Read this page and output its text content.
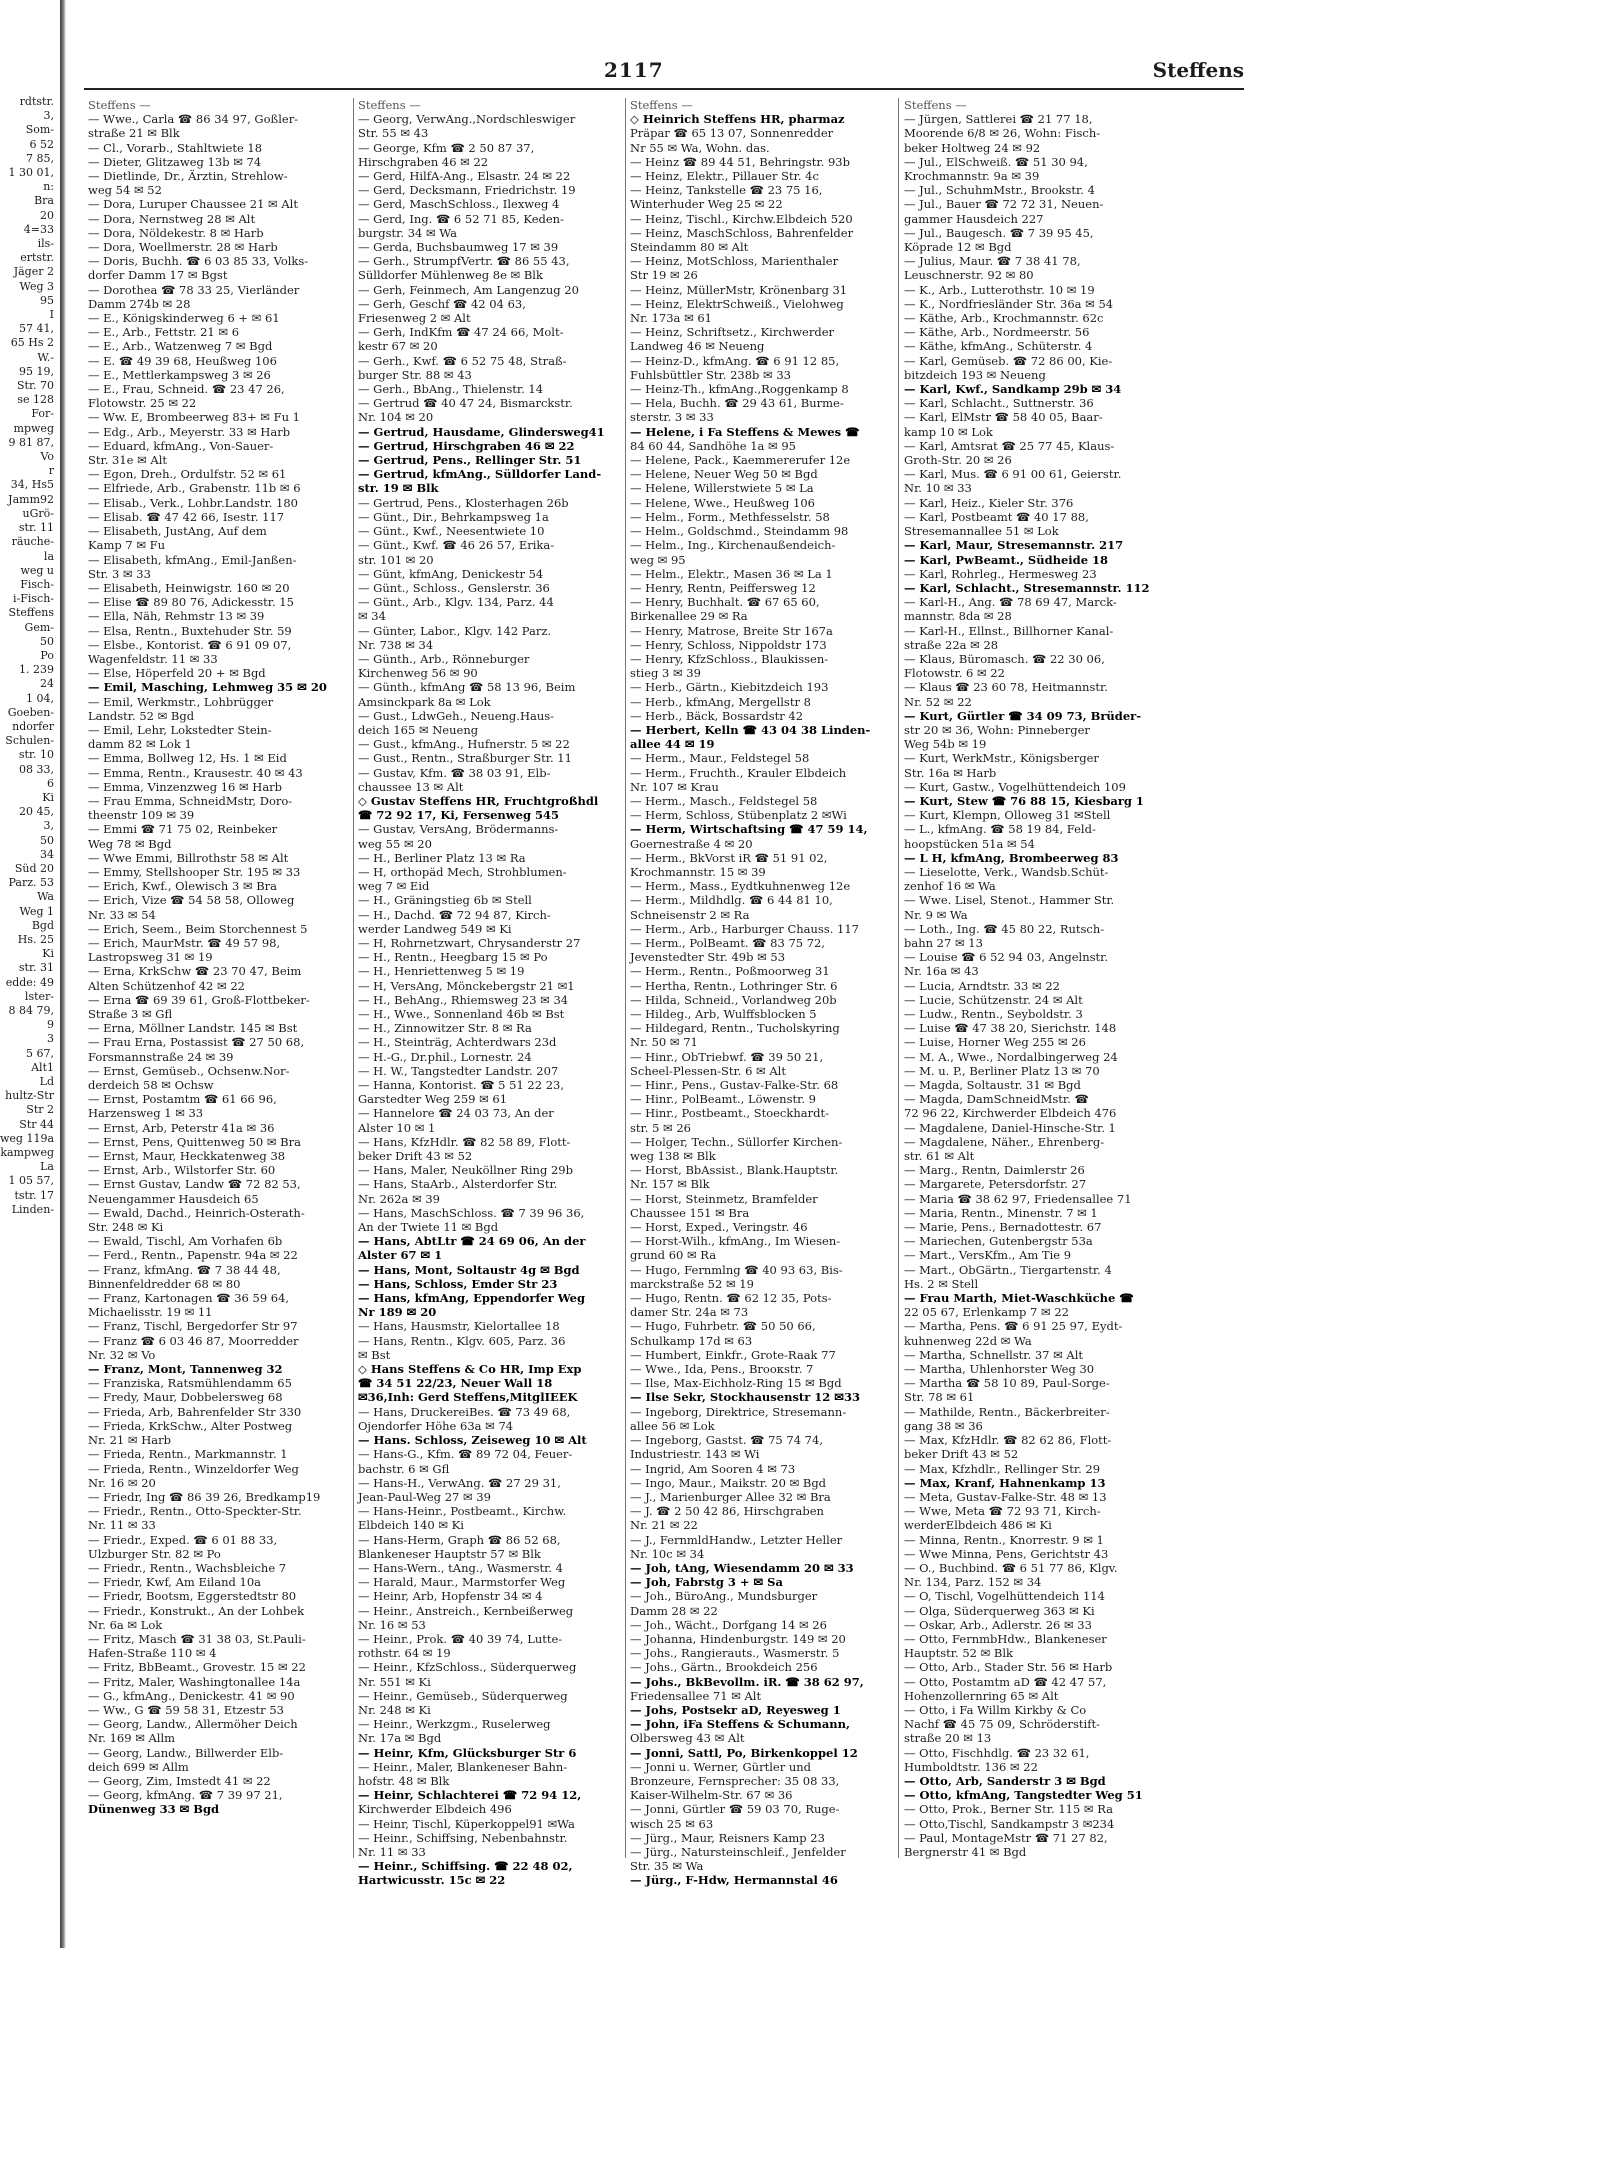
rdtstr.
3,
Som-
6 52
7 85,
1 30 01,
n:
Bra
20
4=33
ils-
ertstr.
Jäger 2
Weg 3
95
I
57 41,
65 Hs 2
W.-
95 19,
Str. 70
se 128
For-
mpweg
9 81 87,
Vo
r
34, Hs5
Jamm92
uGrö-
str. 11
räuche-
la
weg u
Fisch-
i-Fisch-
Steffens
Gem-
50
Po
1. 239
24
1 04,
Goeben-
ndorfer
Schulen-
str. 10
08 33,
6
Ki
20 45,
3,
50
34
Süd 20
Parz. 53
Wa
Weg 1
Bgd
Hs. 25
Ki
str. 31
edde: 49
lster-
8 84 79,
9
3
5 67,
Alt1
Ld
hultz-Str
Str 2
Str 44
weg 119a
kampweg
La
1 05 57,
tstr. 17
Linden-
2117	Steffens
Steffens —
— Wwe., Carla ☎ 86 34 97, Goßler-
straße 21 ✉ Blk
— Cl., Vorarb., Stahltwiete 18
— Dieter, Glitzaweg 13b ✉ 74
— Dietlinde, Dr., Ärztin, Strehlow-
weg 54 ✉ 52
— Dora, Luruper Chaussee 21 ✉ Alt
— Dora, Nernstweg 28 ✉ Alt
— Dora, Nöldekestr. 8 ✉ Harb
— Dora, Woellmerstr. 28 ✉ Harb
— Doris, Buchh. ☎ 6 03 85 33, Volks-
dorfer Damm 17 ✉ Bgst
— Dorothea ☎ 78 33 25, Vierländer
Damm 274b ✉ 28
— E., Königskinderweg 6 + ✉ 61
— E., Arb., Fettstr. 21 ✉ 6
— E., Arb., Watzenweg 7 ✉ Bgd
— E. ☎ 49 39 68, Heußweg 106
— E., Mettlerkampsweg 3 ✉ 26
— E., Frau, Schneid. ☎ 23 47 26,
Flotowstr. 25 ✉ 22
— Ww. E, Brombeerweg 83+ ✉ Fu 1
— Edg., Arb., Meyerstr. 33 ✉ Harb
— Eduard, kfmAng., Von-Sauer-
Str. 31e ✉ Alt
— Egon, Dreh., Ordulfstr. 52 ✉ 61
— Elfriede, Arb., Grabenstr. 11b ✉ 6
— Elisab., Verk., Lohbr.Landstr. 180
— Elisab. ☎ 47 42 66, Isestr. 117
— Elisabeth, JustAng, Auf dem
Kamp 7 ✉ Fu
— Elisabeth, kfmAng., Emil-Janßen-
Str. 3 ✉ 33
— Elisabeth, Heinwigstr. 160 ✉ 20
— Elise ☎ 89 80 76, Adickesstr. 15
— Ella, Näh, Rehmstr 13 ✉ 39
— Elsa, Rentn., Buxtehuder Str. 59
— Elsbe., Kontorist. ☎ 6 91 09 07,
Wagenfeldstr. 11 ✉ 33
— Else, Höperfeld 20 + ✉ Bgd
— Emil, Masching, Lehmweg 35 ✉ 20
— Emil, Werkmstr., Lohbrügger
Landstr. 52 ✉ Bgd
— Emil, Lehr, Lokstedter Stein-
damm 82 ✉ Lok 1
— Emma, Bollweg 12, Hs. 1 ✉ Eid
— Emma, Rentn., Krausestr. 40 ✉ 43
— Emma, Vinzenzweg 16 ✉ Harb
— Frau Emma, SchneidMstr, Doro-
theenstr 109 ✉ 39
— Emmi ☎ 71 75 02, Reinbeker
Weg 78 ✉ Bgd
— Wwe Emmi, Billrothstr 58 ✉ Alt
— Emmy, Stellshooper Str. 195 ✉ 33
— Erich, Kwf., Olewisch 3 ✉ Bra
— Erich, Vize ☎ 54 58 58, Olloweg
Nr. 33 ✉ 54
— Erich, Seem., Beim Storchennest 5
— Erich, MaurMstr. ☎ 49 57 98,
Lastropsweg 31 ✉ 19
— Erna, KrkSchw ☎ 23 70 47, Beim
Alten Schützenhof 42 ✉ 22
— Erna ☎ 69 39 61, Groß-Flottbeker-
Straße 3 ✉ Gfl
— Erna, Möllner Landstr. 145 ✉ Bst
— Frau Erna, Postassist ☎ 27 50 68,
Forsmannstraße 24 ✉ 39
— Ernst, Gemüseb., Ochsenw.Nor-
derdeich 58 ✉ Ochsw
— Ernst, Postamtm ☎ 61 66 96,
Harzensweg 1 ✉ 33
— Ernst, Arb, Peterstr 41a ✉ 36
— Ernst, Pens, Quittenweg 50 ✉ Bra
— Ernst, Maur, Heckkatenweg 38
— Ernst, Arb., Wilstorfer Str. 60
— Ernst Gustav, Landw ☎ 72 82 53,
Neuengammer Hausdeich 65
— Ewald, Dachd., Heinrich-Osterath-
Str. 248 ✉ Ki
— Ewald, Tischl, Am Vorhafen 6b
— Ferd., Rentn., Papenstr. 94a ✉ 22
— Franz, kfmAng. ☎ 7 38 44 48,
Binnenfeldredder 68 ✉ 80
— Franz, Kartonagen ☎ 36 59 64,
Michaelisstr. 19 ✉ 11
— Franz, Tischl, Bergedorfer Str 97
— Franz ☎ 6 03 46 87, Moorredder
Nr. 32 ✉ Vo
— Franz, Mont, Tannenweg 32
— Franziska, Ratsmühlendamm 65
— Fredy, Maur, Dobbelersweg 68
— Frieda, Arb, Bahrenfelder Str 330
— Frieda, KrkSchw., Alter Postweg
Nr. 21 ✉ Harb
— Frieda, Rentn., Markmannstr. 1
— Frieda, Rentn., Winzeldorfer Weg
Nr. 16 ✉ 20
— Friedr, Ing ☎ 86 39 26, Bredkamp19
— Friedr., Rentn., Otto-Speckter-Str.
Nr. 11 ✉ 33
— Friedr., Exped. ☎ 6 01 88 33,
Ulzburger Str. 82 ✉ Po
— Friedr., Rentn., Wachsbleiche 7
— Friedr, Kwf, Am Eiland 10a
— Friedr, Bootsm, Eggerstedtstr 80
— Friedr., Konstrukt., An der Lohbek
Nr. 6a ✉ Lok
— Fritz, Masch ☎ 31 38 03, St.Pauli-
Hafen-Straße 110 ✉ 4
— Fritz, BbBeamt., Grovestr. 15 ✉ 22
— Fritz, Maler, Washingtonallee 14a
— G., kfmAng., Denickestr. 41 ✉ 90
— Ww., G ☎ 59 58 31, Etzestr 53
— Georg, Landw., Allermöher Deich
Nr. 169 ✉ Allm
— Georg, Landw., Billwerder Elb-
deich 699 ✉ Allm
— Georg, Zim, Imstedt 41 ✉ 22
— Georg, kfmAng. ☎ 7 39 97 21,
Dünenweg 33 ✉ Bgd
Steffens —
— Georg, VerwAng.,Nordschleswiger
Str. 55 ✉ 43
— George, Kfm ☎ 2 50 87 37,
Hirschgraben 46 ✉ 22
— Gerd, HilfA-Ang., Elsastr. 24 ✉ 22
— Gerd, Decksmann, Friedrichstr. 19
— Gerd, MaschSchloss., Ilexweg 4
— Gerd, Ing. ☎ 6 52 71 85, Keden-
burgstr. 34 ✉ Wa
— Gerda, Buchsbaumweg 17 ✉ 39
— Gerh., StrumpfVertr. ☎ 86 55 43,
Sülldorfer Mühlenweg 8e ✉ Blk
— Gerh, Feinmech, Am Langenzug 20
— Gerh, Geschf ☎ 42 04 63,
Friesenweg 2 ✉ Alt
— Gerh, IndKfm ☎ 47 24 66, Molt-
kestr 67 ✉ 20
— Gerh., Kwf. ☎ 6 52 75 48, Straß-
burger Str. 88 ✉ 43
— Gerh., BbAng., Thielenstr. 14
— Gertrud ☎ 40 47 24, Bismarckstr.
Nr. 104 ✉ 20
— Gertrud, Hausdame, Glindersweg41
— Gertrud, Hirschgraben 46 ✉ 22
— Gertrud, Pens., Rellinger Str. 51
— Gertrud, kfmAng., Sülldorfer Land-
str. 19 ✉ Blk
— Gertrud, Pens., Klosterhagen 26b
— Günt., Dir., Behrkampsweg 1a
— Günt., Kwf., Neesentwiete 10
— Günt., Kwf. ☎ 46 26 57, Erika-
str. 101 ✉ 20
— Günt, kfmAng, Denickestr 54
— Günt., Schloss., Genslerstr. 36
— Günt., Arb., Klgv. 134, Parz. 44
✉ 34
— Günter, Labor., Klgv. 142 Parz.
Nr. 738 ✉ 34
— Günth., Arb., Rönneburger
Kirchenweg 56 ✉ 90
— Günth., kfmAng ☎ 58 13 96, Beim
Amsinckpark 8a ✉ Lok
— Gust., LdwGeh., Neueng.Haus-
deich 165 ✉ Neueng
— Gust., kfmAng., Hufnerstr. 5 ✉ 22
— Gust., Rentn., Straßburger Str. 11
— Gustav, Kfm. ☎ 38 03 91, Elb-
chaussee 13 ✉ Alt
◇ Gustav Steffens HR, Fruchtgroßhdl
☎ 72 92 17, Ki, Fersenweg 545
— Gustav, VersAng, Brödermanns-
weg 55 ✉ 20
— H., Berliner Platz 13 ✉ Ra
— H, orthopäd Mech, Strohblumen-
weg 7 ✉ Eid
— H., Gräningstieg 6b ✉ Stell
— H., Dachd. ☎ 72 94 87, Kirch-
werder Landweg 549 ✉ Ki
— H, Rohrnetzwart, Chrysanderstr 27
— H., Rentn., Heegbarg 15 ✉ Po
— H., Henriettenweg 5 ✉ 19
— H, VersAng, Mönckebergstr 21 ✉1
— H., BehAng., Rhiemsweg 23 ✉ 34
— H., Wwe., Sonnenland 46b ✉ Bst
— H., Zinnowitzer Str. 8 ✉ Ra
— H., Steinträg, Achterdwars 23d
— H.-G., Dr.phil., Lornestr. 24
— H. W., Tangstedter Landstr. 207
— Hanna, Kontorist. ☎ 5 51 22 23,
Garstedter Weg 259 ✉ 61
— Hannelore ☎ 24 03 73, An der
Alster 10 ✉ 1
— Hans, KfzHdlr. ☎ 82 58 89, Flott-
beker Drift 43 ✉ 52
— Hans, Maler, Neuköllner Ring 29b
— Hans, StaArb., Alsterdorfer Str.
Nr. 262a ✉ 39
— Hans, MaschSchloss. ☎ 7 39 96 36,
An der Twiete 11 ✉ Bgd
— Hans, AbtLtr ☎ 24 69 06, An der
Alster 67 ✉ 1
— Hans, Mont, Soltaustr 4g ✉ Bgd
— Hans, Schloss, Emder Str 23
— Hans, kfmAng, Eppendorfer Weg
Nr 189 ✉ 20
— Hans, Hausmstr, Kielortallee 18
— Hans, Rentn., Klgv. 605, Parz. 36
✉ Bst
◇ Hans Steffens & Co HR, Imp Exp
☎ 34 51 22/23, Neuer Wall 18
✉36,Inh: Gerd Steffens,MitglIEEK
— Hans, DruckereiBes. ☎ 73 49 68,
Ojendorfer Höhe 63a ✉ 74
— Hans. Schloss, Zeiseweg 10 ✉ Alt
— Hans-G., Kfm. ☎ 89 72 04, Feuer-
bachstr. 6 ✉ Gfl
— Hans-H., VerwAng. ☎ 27 29 31,
Jean-Paul-Weg 27 ✉ 39
— Hans-Heinr., Postbeamt., Kirchw.
Elbdeich 140 ✉ Ki
— Hans-Herm, Graph ☎ 86 52 68,
Blankeneser Hauptstr 57 ✉ Blk
— Hans-Wern., tAng., Wasmerstr. 4
— Harald, Maur., Marmstorfer Weg
— Heinr, Arb, Hopfenstr 34 ✉ 4
— Heinr., Anstreich., Kernbeißerweg
Nr. 16 ✉ 53
— Heinr., Prok. ☎ 40 39 74, Lutte-
rothstr. 64 ✉ 19
— Heinr., KfzSchloss., Süderquerweg
Nr. 551 ✉ Ki
— Heinr., Gemüseb., Süderquerweg
Nr. 248 ✉ Ki
— Heinr., Werkzgm., Ruselerweg
Nr. 17a ✉ Bgd
— Heinr, Kfm, Glücksburger Str 6
— Heinr., Maler, Blankeneser Bahn-
hofstr. 48 ✉ Blk
— Heinr, Schlachterei ☎ 72 94 12,
Kirchwerder Elbdeich 496
— Heinr, Tischl, Küperkoppel91 ✉Wa
— Heinr., Schiffsing, Nebenbahnstr.
Nr. 11 ✉ 33
— Heinr., Schiffsing. ☎ 22 48 02,
Hartwicusstr. 15c ✉ 22
Steffens —
◇ Heinrich Steffens HR, pharmaz
Präpar ☎ 65 13 07, Sonnenredder
Nr 55 ✉ Wa, Wohn. das.
— Heinz ☎ 89 44 51, Behringstr. 93b
— Heinz, Elektr., Pillauer Str. 4c
— Heinz, Tankstelle ☎ 23 75 16,
Winterhuder Weg 25 ✉ 22
— Heinz, Tischl., Kirchw.Elbdeich 520
— Heinz, MaschSchloss, Bahrenfelder
Steindamm 80 ✉ Alt
— Heinz, MotSchloss, Marienthaler
Str 19 ✉ 26
— Heinz, MüllerMstr, Krönenbarg 31
— Heinz, ElektrSchweiß., Vielohweg
Nr. 173a ✉ 61
— Heinz, Schriftsetz., Kirchwerder
Landweg 46 ✉ Neueng
— Heinz-D., kfmAng. ☎ 6 91 12 85,
Fuhlsbüttler Str. 238b ✉ 33
— Heinz-Th., kfmAng.,Roggenkamp 8
— Hela, Buchh. ☎ 29 43 61, Burme-
sterstr. 3 ✉ 33
— Helene, i Fa Steffens & Mewes ☎
84 60 44, Sandhöhe 1a ✉ 95
— Helene, Pack., Kaemmererufer 12e
— Helene, Neuer Weg 50 ✉ Bgd
— Helene, Willerstwiete 5 ✉ La
— Helene, Wwe., Heußweg 106
— Helm., Form., Methfesselstr. 58
— Helm., Goldschmd., Steindamm 98
— Helm., Ing., Kirchenaußendeich-
weg ✉ 95
— Helm., Elektr., Masen 36 ✉ La 1
— Henry, Rentn, Peiffersweg 12
— Henry, Buchhalt. ☎ 67 65 60,
Birkenallee 29 ✉ Ra
— Henry, Matrose, Breite Str 167a
— Henry, Schloss, Nippoldstr 173
— Henry, KfzSchloss., Blaukissen-
stieg 3 ✉ 39
— Herb., Gärtn., Kiebitzdeich 193
— Herb., kfmAng, Mergellstr 8
— Herb., Bäck, Bossardstr 42
— Herbert, Kelln ☎ 43 04 38 Linden-
allee 44 ✉ 19
— Herm., Maur., Feldstegel 58
— Herm., Fruchth., Krauler Elbdeich
Nr. 107 ✉ Krau
— Herm., Masch., Feldstegel 58
— Herm, Schloss, Stübenplatz 2 ✉Wi
— Herm, Wirtschaftsing ☎ 47 59 14,
Goernestraße 4 ✉ 20
— Herm., BkVorst iR ☎ 51 91 02,
Krochmannstr. 15 ✉ 39
— Herm., Mass., Eydtkuhnenweg 12e
— Herm., Mildhdlg. ☎ 6 44 81 10,
Schneisenstr 2 ✉ Ra
— Herm., Arb., Harburger Chauss. 117
— Herm., PolBeamt. ☎ 83 75 72,
Jevenstedter Str. 49b ✉ 53
— Herm., Rentn., Poßmoorweg 31
— Hertha, Rentn., Lothringer Str. 6
— Hilda, Schneid., Vorlandweg 20b
— Hildeg., Arb, Wulffsblocken 5
— Hildegard, Rentn., Tucholskyring
Nr. 50 ✉ 71
— Hinr., ObTriebwf. ☎ 39 50 21,
Scheel-Plessen-Str. 6 ✉ Alt
— Hinr., Pens., Gustav-Falke-Str. 68
— Hinr., PolBeamt., Löwenstr. 9
— Hinr., Postbeamt., Stoeckhardt-
str. 5 ✉ 26
— Holger, Techn., Süllorfer Kirchen-
weg 138 ✉ Blk
— Horst, BbAssist., Blank.Hauptstr.
Nr. 157 ✉ Blk
— Horst, Steinmetz, Bramfelder
Chaussee 151 ✉ Bra
— Horst, Exped., Veringstr. 46
— Horst-Wilh., kfmAng., Im Wiesen-
grund 60 ✉ Ra
— Hugo, Fernmlng ☎ 40 93 63, Bis-
marckstraße 52 ✉ 19
— Hugo, Rentn. ☎ 62 12 35, Pots-
damer Str. 24a ✉ 73
— Hugo, Fuhrbetr. ☎ 50 50 66,
Schulkamp 17d ✉ 63
— Humbert, Einkfr., Grote-Raak 77
— Wwe., Ida, Pens., Broокstr. 7
— Ilse, Max-Eichholz-Ring 15 ✉ Bgd
— Ilse Sekr, Stockhausenstr 12 ✉33
— Ingeborg, Direktrice, Stresemann-
allee 56 ✉ Lok
— Ingeborg, Gastst. ☎ 75 74 74,
Industriestr. 143 ✉ Wi
— Ingrid, Am Sooren 4 ✉ 73
— Ingo, Maur., Maikstr. 20 ✉ Bgd
— J., Marienburger Allee 32 ✉ Bra
— J. ☎ 2 50 42 86, Hirschgraben
Nr. 21 ✉ 22
— J., FernmldHandw., Letzter Heller
Nr. 10c ✉ 34
— Joh, tAng, Wiesendamm 20 ✉ 33
— Joh, Fabrstg 3 + ✉ Sa
— Joh., BüroAng., Mundsburger
Damm 28 ✉ 22
— Joh., Wächt., Dorfgang 14 ✉ 26
— Johanna, Hindenburgstr. 149 ✉ 20
— Johs., Rangierauts., Wasmerstr. 5
— Johs., Gärtn., Brookdeich 256
— Johs., BkBevollm. iR. ☎ 38 62 97,
Friedensallee 71 ✉ Alt
— Johs, Postsekr aD, Reyesweg 1
— John, iFa Steffens & Schumann,
Olbersweg 43 ✉ Alt
— Jonni, Sattl, Po, Birkenkoppel 12
— Jonni u. Werner, Gürtler und
Bronzeure, Fernsprecher: 35 08 33,
Kaiser-Wilhelm-Str. 67 ✉ 36
— Jonni, Gürtler ☎ 59 03 70, Ruge-
wisch 25 ✉ 63
— Jürg., Maur, Reisners Kamp 23
— Jürg., Natursteinschleif., Jenfelder
Str. 35 ✉ Wa
— Jürg., F-Hdw, Hermannstal 46
Steffens —
— Jürgen, Sattlerei ☎ 21 77 18,
Moorende 6/8 ✉ 26, Wohn: Fisch-
beker Holtweg 24 ✉ 92
— Jul., ElSchweiß. ☎ 51 30 94,
Krochmannstr. 9a ✉ 39
— Jul., SchuhmMstr., Brookstr. 4
— Jul., Bauer ☎ 72 72 31, Neuen-
gammer Hausdeich 227
— Jul., Baugesch. ☎ 7 39 95 45,
Köprade 12 ✉ Bgd
— Julius, Maur. ☎ 7 38 41 78,
Leuschnerstr. 92 ✉ 80
— K., Arb., Lutterothstr. 10 ✉ 19
— K., Nordfriesländer Str. 36a ✉ 54
— Käthe, Arb., Krochmannstr. 62c
— Käthe, Arb., Nordmeerstr. 56
— Käthe, kfmAng., Schüterstr. 4
— Karl, Gemüseb. ☎ 72 86 00, Kie-
bitzdeich 193 ✉ Neueng
— Karl, Kwf., Sandkamp 29b ✉ 34
— Karl, Schlacht., Suttnerstr. 36
— Karl, ElMstr ☎ 58 40 05, Baar-
kamp 10 ✉ Lok
— Karl, Amtsrat ☎ 25 77 45, Klaus-
Groth-Str. 20 ✉ 26
— Karl, Mus. ☎ 6 91 00 61, Geierstr.
Nr. 10 ✉ 33
— Karl, Heiz., Kieler Str. 376
— Karl, Postbeamt ☎ 40 17 88,
Stresemannallee 51 ✉ Lok
— Karl, Maur, Stresemannstr. 217
— Karl, PwBeamt., Südheide 18
— Karl, Rohrleg., Hermesweg 23
— Karl, Schlacht., Stresemannstr. 112
— Karl-H., Ang. ☎ 78 69 47, Marck-
mannstr. 8da ✉ 28
— Karl-H., Ellnst., Billhorner Kanal-
straße 22a ✉ 28
— Klaus, Büromasch. ☎ 22 30 06,
Flotowstr. 6 ✉ 22
— Klaus ☎ 23 60 78, Heitmannstr.
Nr. 52 ✉ 22
— Kurt, Gürtler ☎ 34 09 73, Brüder-
str 20 ✉ 36, Wohn: Pinneberger
Weg 54b ✉ 19
— Kurt, WerkMstr., Königsberger
Str. 16a ✉ Harb
— Kurt, Gastw., Vogelhüttendeich 109
— Kurt, Stew ☎ 76 88 15, Kiesbarg 1
— Kurt, Klempn, Olloweg 31 ✉Stell
— L., kfmAng. ☎ 58 19 84, Feld-
hoopstücken 51a ✉ 54
— L H, kfmAng, Brombeerweg 83
— Lieselotte, Verk., Wandsb.Schüt-
zenhof 16 ✉ Wa
— Wwe. Lisel, Stenot., Hammer Str.
Nr. 9 ✉ Wa
— Loth., Ing. ☎ 45 80 22, Rutsch-
bahn 27 ✉ 13
— Louise ☎ 6 52 94 03, Angelnstr.
Nr. 16a ✉ 43
— Lucia, Arndtstr. 33 ✉ 22
— Lucie, Schützenstr. 24 ✉ Alt
— Ludw., Rentn., Seyboldstr. 3
— Luise ☎ 47 38 20, Sierichstr. 148
— Luise, Horner Weg 255 ✉ 26
— M. A., Wwe., Nordalbingerweg 24
— M. u. P., Berliner Platz 13 ✉ 70
— Magda, Soltaustr. 31 ✉ Bgd
— Magda, DamSchneidMstr. ☎
72 96 22, Kirchwerder Elbdeich 476
— Magdalene, Daniel-Hinsche-Str. 1
— Magdalene, Näher., Ehrenberg-
str. 61 ✉ Alt
— Marg., Rentn, Daimlerstr 26
— Margarete, Petersdorfstr. 27
— Maria ☎ 38 62 97, Friedensallee 71
— Maria, Rentn., Minenstr. 7 ✉ 1
— Marie, Pens., Bernadottestr. 67
— Mariechen, Gutenbergstr 53a
— Mart., VersKfm., Am Tie 9
— Mart., ObGärtn., Tiergartenstr. 4
Hs. 2 ✉ Stell
— Frau Marth, Miet-Waschküche ☎
22 05 67, Erlenkamp 7 ✉ 22
— Martha, Pens. ☎ 6 91 25 97, Eydt-
kuhnenweg 22d ✉ Wa
— Martha, Schnellstr. 37 ✉ Alt
— Martha, Uhlenhorster Weg 30
— Martha ☎ 58 10 89, Paul-Sorge-
Str. 78 ✉ 61
— Mathilde, Rentn., Bäckerbreiter-
gang 38 ✉ 36
— Max, KfzHdlr. ☎ 82 62 86, Flott-
beker Drift 43 ✉ 52
— Max, Kfzhdlr., Rellinger Str. 29
— Max, Kranf, Hahnenkamp 13
— Meta, Gustav-Falke-Str. 48 ✉ 13
— Wwe, Meta ☎ 72 93 71, Kirch-
werderElbdeich 486 ✉ Ki
— Minna, Rentn., Knorrestr. 9 ✉ 1
— Wwe Minna, Pens, Gerichtstr 43
— O., Buchbind. ☎ 6 51 77 86, Klgv.
Nr. 134, Parz. 152 ✉ 34
— O, Tischl, Vogelhüttendeich 114
— Olga, Süderquerweg 363 ✉ Ki
— Oskar, Arb., Adlerstr. 26 ✉ 33
— Otto, FernmbHdw., Blankeneser
Hauptstr. 52 ✉ Blk
— Otto, Arb., Stader Str. 56 ✉ Harb
— Otto, Postamtm aD ☎ 42 47 57,
Hohenzollernring 65 ✉ Alt
— Otto, i Fa Willm Kirkby & Co
Nachf ☎ 45 75 09, Schröderstift-
straße 20 ✉ 13
— Otto, Fischhdlg. ☎ 23 32 61,
Humboldtstr. 136 ✉ 22
— Otto, Arb, Sanderstr 3 ✉ Bgd
— Otto, kfmAng, Tangstedter Weg 51
— Otto, Prok., Berner Str. 115 ✉ Ra
— Otto,Tischl, Sandkampstr 3 ✉234
— Paul, MontageMstr ☎ 71 27 82,
Bergnerstr 41 ✉ Bgd
